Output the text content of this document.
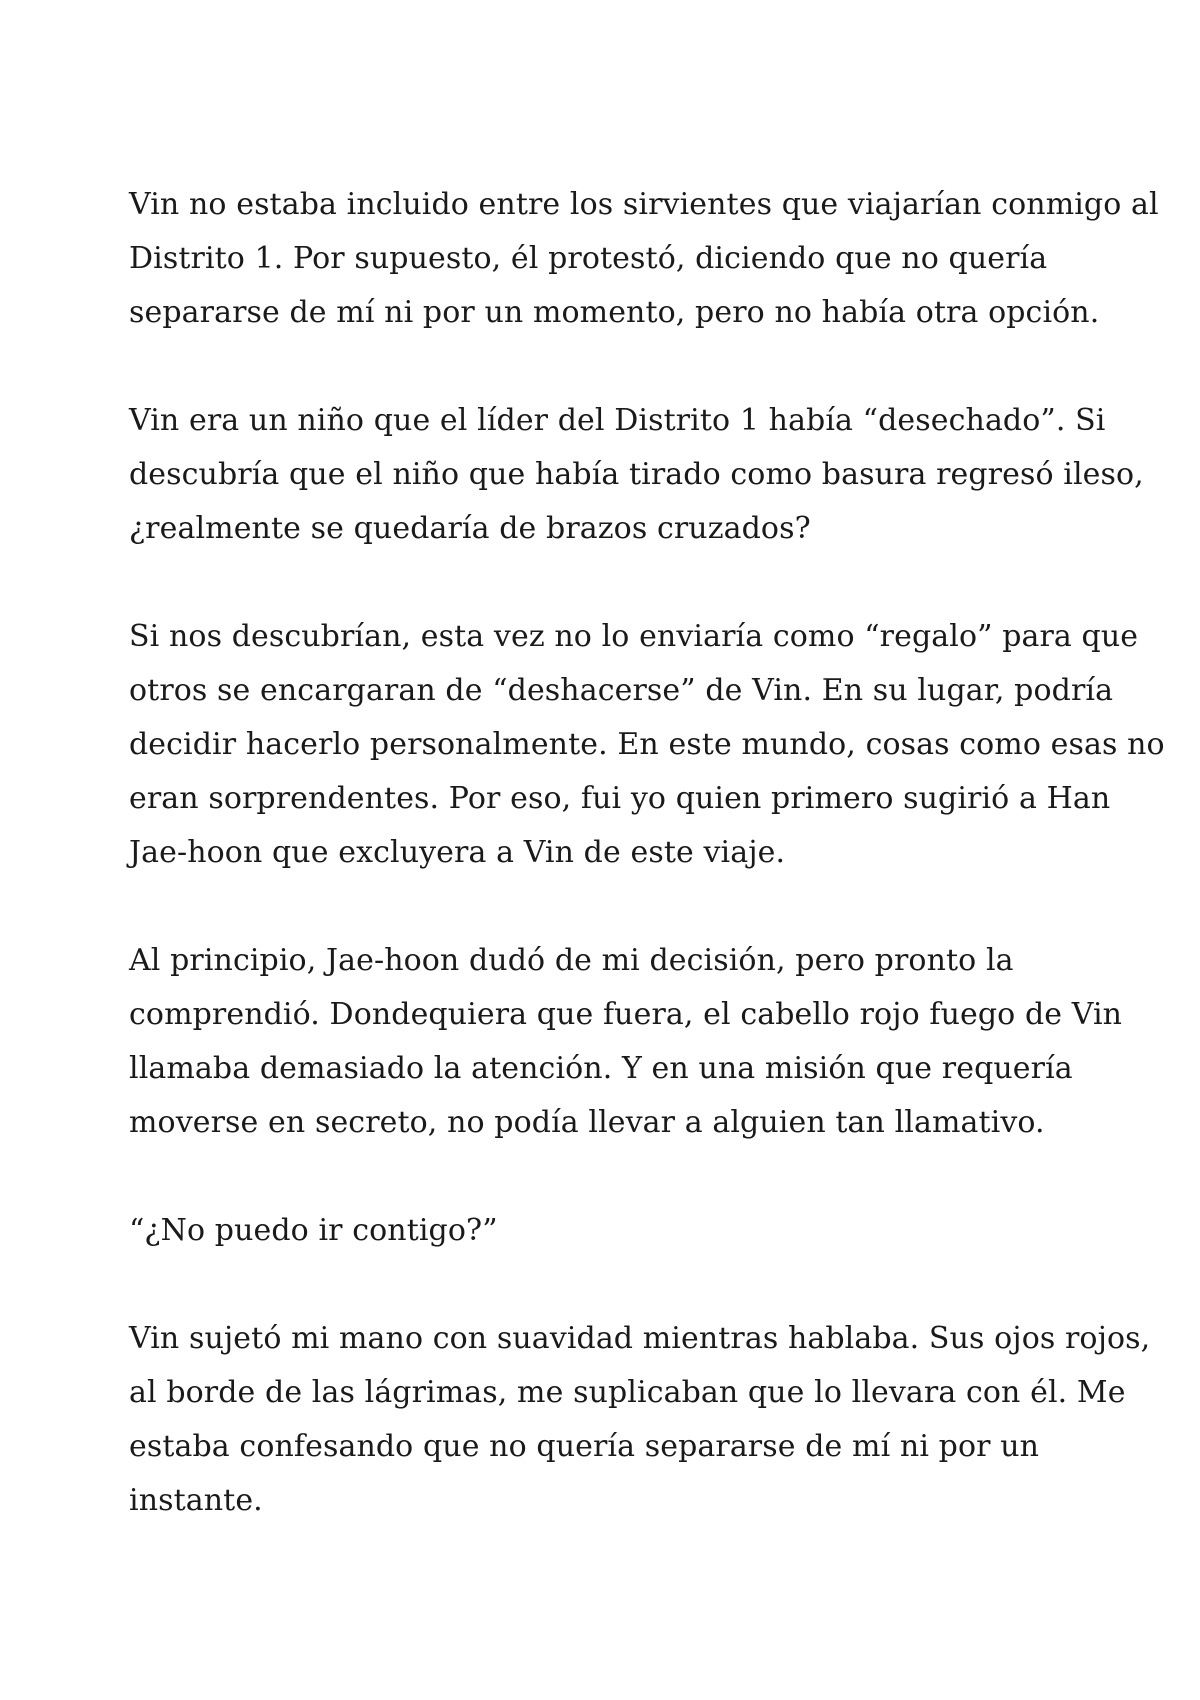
Vin no estaba incluido entre los sirvientes que viajarían conmigo al
Distrito 1. Por supuesto, él protestó, diciendo que no quería
separarse de mí ni por un momento, pero no había otra opción.

Vin era un niño que el líder del Distrito 1 había “desechado”. Si
descubría que el niño que había tirado como basura regresó ileso,
¿realmente se quedaría de brazos cruzados?

Si nos descubrían, esta vez no lo enviaría como “regalo” para que
otros se encargaran de “deshacerse” de Vin. En su lugar, podría
decidir hacerlo personalmente. En este mundo, cosas como esas no
eran sorprendentes. Por eso, fui yo quien primero sugirió a Han
Jae-hoon que excluyera a Vin de este viaje.

Al principio, Jae-hoon dudó de mi decisión, pero pronto la
comprendió. Dondequiera que fuera, el cabello rojo fuego de Vin
llamaba demasiado la atención. Y en una misión que requería
moverse en secreto, no podía llevar a alguien tan llamativo.

“¿No puedo ir contigo?”

Vin sujetó mi mano con suavidad mientras hablaba. Sus ojos rojos,
al borde de las lágrimas, me suplicaban que lo llevara con él. Me
estaba confesando que no quería separarse de mí ni por un
instante.
